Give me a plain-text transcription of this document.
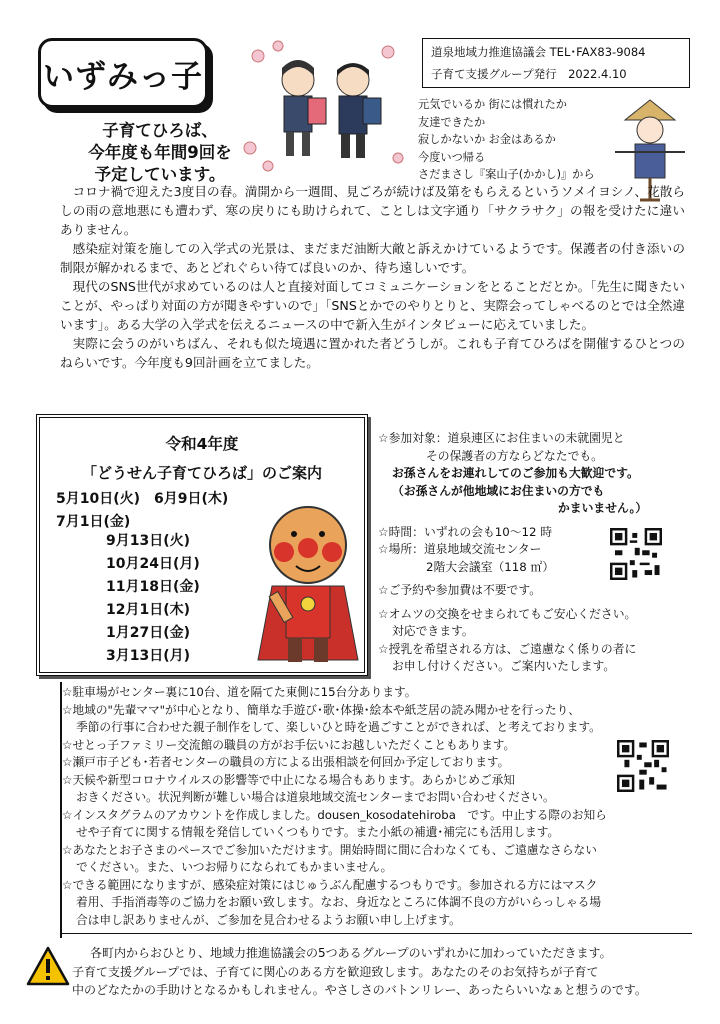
いずみっ子
道泉地域力推進協議会 TEL･FAX83-9084
子育て支援グループ発行　2022.4.10
元気でいるか 街には慣れたか
友達できたか
寂しかないか お金はあるか
今度いつ帰る
さだまさし『案山子(かかし)』から
子育てひろば、
今年度も年間9回を
予定しています。

コロナ禍で迎えた3度目の春。満開から一週間、見ごろが続けば及第をもらえるというソメイヨシノ、花散らしの雨の意地悪にも遭わず、寒の戻りにも助けられて、ことしは文字通り「サクラサク」の報を受けたに違いありません。

感染症対策を施しての入学式の光景は、まだまだ油断大敵と訴えかけているようです。保護者の付き添いの制限が解かれるまで、あとどれぐらい待てば良いのか、待ち遠しいです。

現代のSNS世代が求めているのは人と直接対面してコミュニケーションをとることだとか。「先生に聞きたいことが、やっぱり対面の方が聞きやすいので」「SNSとかでのやりとりと、実際会ってしゃべるのとでは全然違います」。ある大学の入学式を伝えるニュースの中で新入生がインタビューに応えていました。

実際に会うのがいちばん、それも似た境遇に置かれた者どうしが。これも子育てひろばを開催するひとつのねらいです。今年度も9回計画を立てました。

令和4年度
「どうせん子育てひろば」のご案内
5月10日(火)　6月9日(木)
7月1日(金)
9月13日(火)
10月24日(月)
11月18日(金)
12月1日(木)
1月27日(金)
3月13日(月)
☆参加対象：道泉連区にお住まいの未就園児と
その保護者の方ならどなたでも。
お孫さんをお連れしてのご参加も大歓迎です。
（お孫さんが他地域にお住まいの方でも
かまいません。）
☆時間：いずれの会も10～12 時
☆場所：道泉地域交流センター
2階大会議室（118 ㎡）
☆ご予約や参加費は不要です。
☆オムツの交換をせまられてもご安心ください。
対応できます。
☆授乳を希望される方は、ご遠慮なく係りの者に
お申し付けください。ご案内いたします。
☆駐車場がセンター裏に10台、道を隔てた東側に15台分あります。
☆地域の"先輩ママ"が中心となり、簡単な手遊び･歌･体操･絵本や紙芝居の読み聞かせを行ったり、
季節の行事に合わせた親子制作をして、楽しいひと時を過ごすことができれば、と考えております。
☆せとっ子ファミリー交流館の職員の方がお手伝いにお越しいただくこともあります。
☆瀬戸市子ども･若者センターの職員の方による出張相談を何回か予定しております。
☆天候や新型コロナウイルスの影響等で中止になる場合もあります。あらかじめご承知
おきください。状況判断が難しい場合は道泉地域交流センターまでお問い合わせください。
☆インスタグラムのアカウントを作成しました。dousen_kosodatehiroba　です。中止する際のお知ら
せや子育てに関する情報を発信していくつもりです。また小紙の補遺･補完にも活用します。
☆あなたとお子さまのペースでご参加いただけます。開始時間に間に合わなくても、ご遠慮なさらない
でください。また、いつお帰りになられてもかまいません。
☆できる範囲になりますが、感染症対策にはじゅうぶん配慮するつもりです。参加される方にはマスク
着用、手指消毒等のご協力をお願い致します。なお、身近なところに体調不良の方がいらっしゃる場
合は申し訳ありませんが、ご参加を見合わせるようお願い申し上げます。
各町内からおひとり、地域力推進協議会の5つあるグループのいずれかに加わっていただきます。
子育て支援グループでは、子育てに関心のある方を歓迎致します。あなたのそのお気持ちが子育て
中のどなたかの手助けとなるかもしれません。やさしさのバトンリレー、あったらいいなぁと想うのです。
